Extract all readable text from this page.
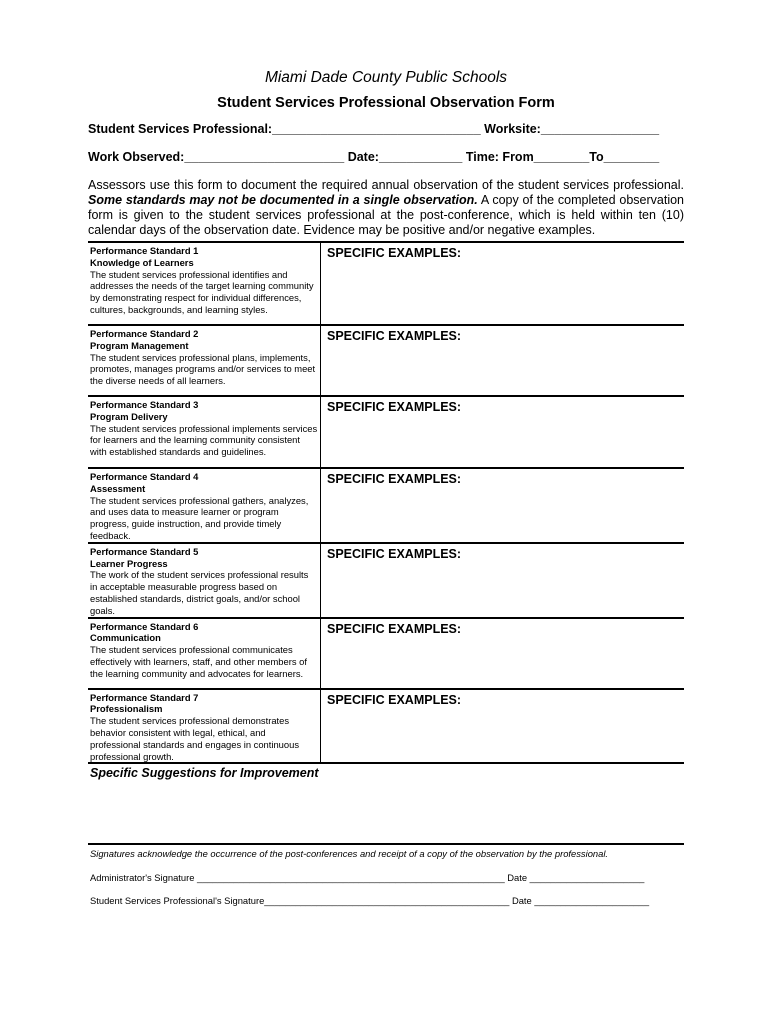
Miami Dade County Public Schools

Student Services Professional Observation Form

Student Services Professional:______________________________ Worksite:_________________

Work Observed:_______________________ Date:____________ Time: From________To________

Assessors use this form to document the required annual observation of the student services professional. Some standards may not be documented in a single observation. A copy of the completed observation form is given to the student services professional at the post-conference, which is held within ten (10) calendar days of the observation date. Evidence may be positive and/or negative examples.

Performance Standard 1
Knowledge of Learners
The student services professional identifies and addresses the needs of the target learning community by demonstrating respect for individual differences, cultures, backgrounds, and learning styles.	SPECIFIC EXAMPLES:

Performance Standard 2
Program Management
The student services professional plans, implements, promotes, manages programs and/or services to meet the diverse needs of all learners.	SPECIFIC EXAMPLES:

Performance Standard 3
Program Delivery
The student services professional implements services for learners and the learning community consistent with established standards and guidelines.	SPECIFIC EXAMPLES:

Performance Standard 4
Assessment
The student services professional gathers, analyzes, and uses data to measure learner or program progress, guide instruction, and provide timely feedback.	SPECIFIC EXAMPLES:

Performance Standard 5
Learner Progress
The work of the student services professional results in acceptable measurable progress based on established standards, district goals, and/or school goals.	SPECIFIC EXAMPLES:

Performance Standard 6
Communication
The student services professional communicates effectively with learners, staff, and other members of the learning community and advocates for learners.	SPECIFIC EXAMPLES:

Performance Standard 7
Professionalism
The student services professional demonstrates behavior consistent with legal, ethical, and professional standards and engages in continuous professional growth.	SPECIFIC EXAMPLES:

Specific Suggestions for Improvement

Signatures acknowledge the occurrence of the post-conferences and receipt of a copy of the observation by the professional.

Administrator's Signature ___________________________________________________________ Date ______________________

Student Services Professional's Signature_______________________________________________ Date ______________________
